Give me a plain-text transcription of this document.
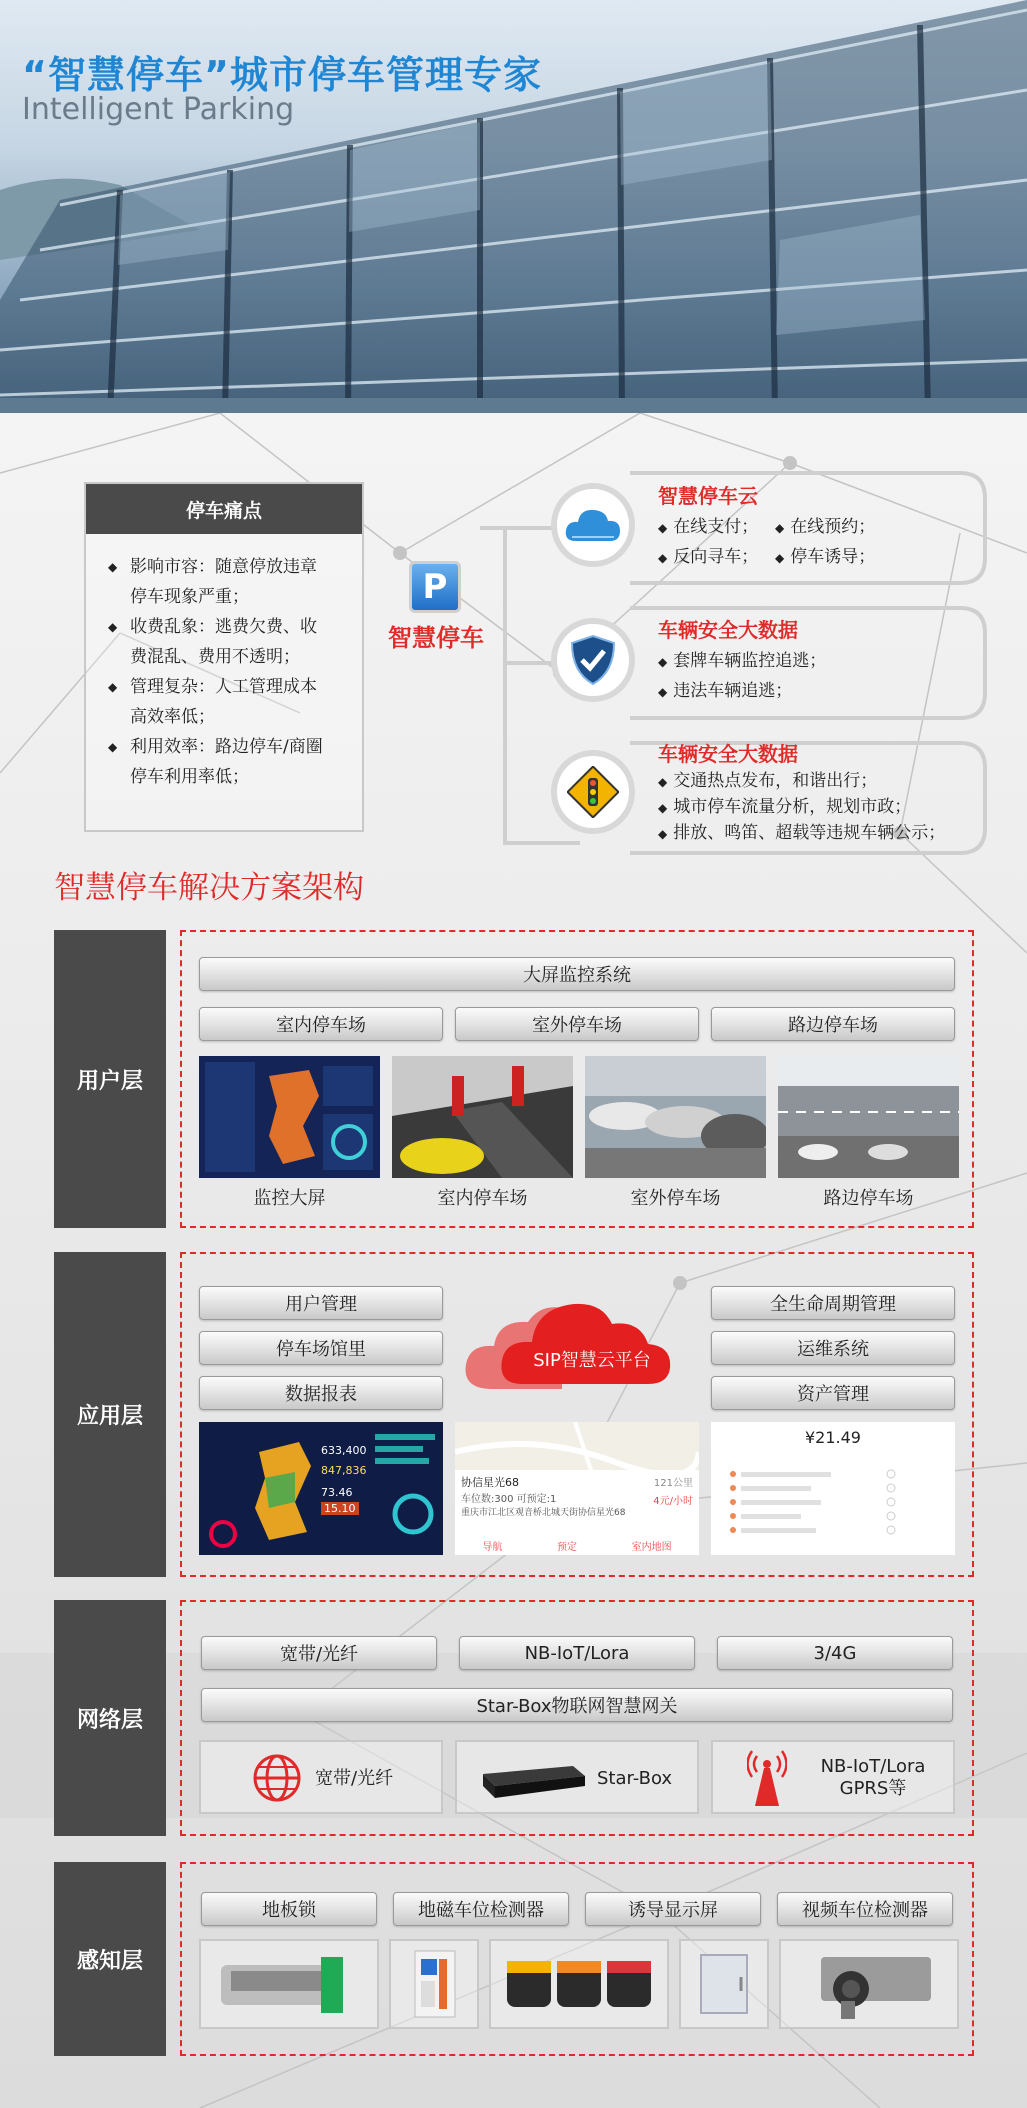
“智慧停车”城市停车管理专家
Intelligent Parking
停车痛点
◆ 影响市容：随意停放违章
停车现象严重；
◆ 收费乱象：逃费欠费、收
费混乱、费用不透明；
◆ 管理复杂：人工管理成本
高效率低；
◆ 利用效率：路边停车/商圈
停车利用率低；
P
智慧停车
智慧停车云
◆ 在线支付； ◆ 在线预约；
◆ 反向寻车； ◆ 停车诱导；
车辆安全大数据
◆ 套牌车辆监控追逃；
◆ 违法车辆追逃；
车辆安全大数据
◆ 交通热点发布，和谐出行；
◆ 城市停车流量分析，规划市政；
◆ 排放、鸣笛、超载等违规车辆公示；
智慧停车解决方案架构
用户层
大屏监控系统
室内停车场	室外停车场	路边停车场
监控大屏	室内停车场	室外停车场	路边停车场
应用层
用户管理
停车场馆里
数据报表
全生命周期管理
运维系统
资产管理
SIP智慧云平台
633,400
847,836
73.46
15.10
协信星光68	121公里
车位数:300 可预定:1	4元/小时
重庆市江北区观音桥北城天街协信星光68
导航	预定	室内地图
¥21.49
网络层
宽带/光纤	NB-IoT/Lora	3/4G
Star-Box物联网智慧网关
宽带/光纤	Star-Box
NB-IoT/Lora
GPRS等
感知层
地板锁	地磁车位检测器	诱导显示屏	视频车位检测器
